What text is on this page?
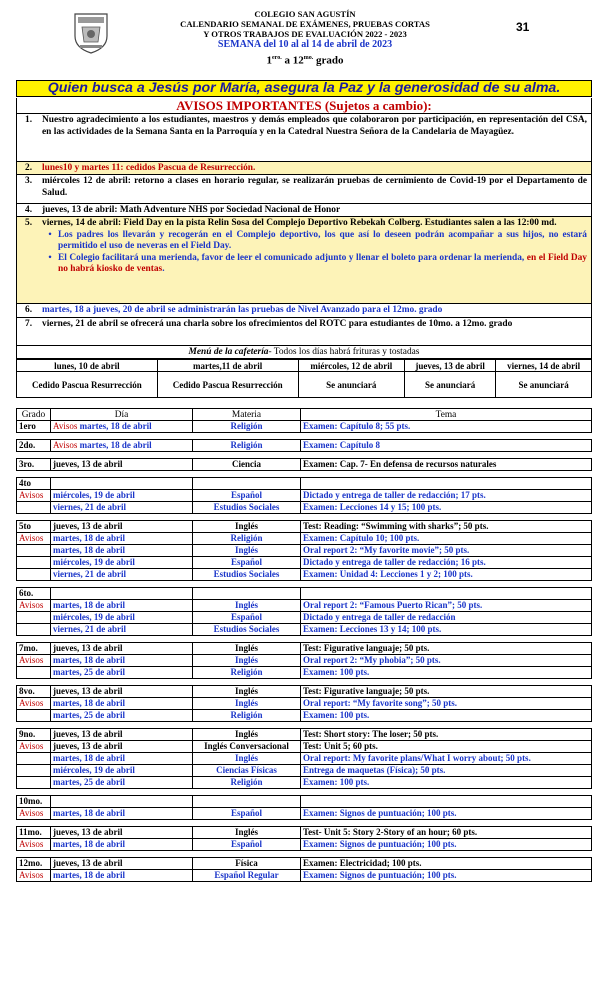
COLEGIO SAN AGUSTÍN
CALENDARIO SEMANAL DE EXÁMENES, PRUEBAS CORTAS
Y OTROS TRABAJOS DE EVALUACIÓN 2022 - 2023
SEMANA del 10 al al 14 de abril de 2023
$1^{ero.}$ a $12^{mo.}$ grado
31
Quien busca a Jesús por María, asegura la Paz y la generosidad de su alma.
AVISOS IMPORTANTES (Sujetos a cambio):
1. Nuestro agradecimiento a los estudiantes, maestros y demás empleados que colaboraron por participación, en representación del CSA, en las actividades de la Semana Santa en la Parroquía y en la Catedral Nuestra Señora de la Candelaria de Mayagüez.
2. lunes10 y martes 11: cedidos Pascua de Resurrección.
3. miércoles 12 de abril: retorno a clases en horario regular, se realizarán pruebas de cernimiento de Covid-19 por el Departamento de Salud.
4. jueves, 13 de abril: Math Adventure NHS por Sociedad Nacional de Honor
5. viernes, 14 de abril: Field Day en la pista Relin Sosa del Complejo Deportivo Rebekah Colberg. Estudiantes salen a las 12:00 md.
• Los padres los llevarán y recogerán en el Complejo deportivo, los que así lo deseen podrán acompañar a sus hijos, no estará permitido el uso de neveras en el Field Day.
• El Colegio facilitará una merienda, favor de leer el comunicado adjunto y llenar el boleto para ordenar la merienda, en el Field Day no habrá kiosko de ventas.
6. martes, 18 a jueves, 20 de abril se administrarán las pruebas de Nivel Avanzado para el 12mo. grado
7. viernes, 21 de abril se ofrecerá una charla sobre los ofrecimientos del ROTC para estudiantes de 10mo. a 12mo. grado
Menú de la cafetería- Todos los días habrá frituras y tostadas
lunes, 10 de abril	martes,11 de abril	miércoles, 12 de abril	jueves, 13 de abril	viernes, 14 de abril
Cedido Pascua Resurrección	Cedido Pascua Resurrección	Se anunciará	Se anunciará	Se anunciará
Grado	Día	Materia	Tema
1ero	Avisos martes, 18 de abril	Religión	Examen: Capítulo 8; 55 pts.

2do.	Avisos martes, 18 de abril	Religión	Examen: Capítulo 8

3ro.	jueves, 13 de abril	Ciencia	Examen: Cap. 7- En defensa de recursos naturales

4to			
Avisos	miércoles, 19 de abril	Español	Dictado y entrega de taller de redacción; 17 pts.
	viernes, 21 de abril	Estudios Sociales	Examen: Lecciones 14 y 15; 100 pts.

5to	jueves, 13 de abril	Inglés	Test: Reading: “Swimming with sharks”; 50 pts.
Avisos	martes, 18 de abril	Religión	Examen: Capítulo 10; 100 pts.
	martes, 18 de abril	Inglés	Oral report 2: “My favorite movie”; 50 pts.
	miércoles, 19 de abril	Español	Dictado y entrega de taller de redacción; 16 pts.
	viernes, 21 de abril	Estudios Sociales	Examen: Unidad 4: Lecciones 1 y 2; 100 pts.

6to.			
Avisos	martes, 18 de abril	Inglés	Oral report 2: “Famous Puerto Rican”; 50 pts.
	miércoles, 19 de abril	Español	Dictado y entrega de taller de redacción
	viernes, 21 de abril	Estudios Sociales	Examen: Lecciones 13 y 14; 100 pts.

7mo.	jueves, 13 de abril	Inglés	Test: Figurative languaje; 50 pts.
Avisos	martes, 18 de abril	Inglés	Oral report 2: “My phobia”; 50 pts.
	martes, 25 de abril	Religión	Examen: 100 pts.

8vo.	jueves, 13 de abril	Inglés	Test: Figurative languaje; 50 pts.
Avisos	martes, 18 de abril	Inglés	Oral report: “My favorite song”; 50 pts.
	martes, 25 de abril	Religión	Examen: 100 pts.

9no.	jueves, 13 de abril	Inglés	Test: Short story: The loser; 50 pts.
Avisos	jueves, 13 de abril	Inglés Conversacional	Test: Unit 5; 60 pts.
	martes, 18 de abril	Inglés	Oral report: My favorite plans/What I worry about; 50 pts.
	miércoles, 19 de abril	Ciencias Físicas	Entrega de maquetas (Física); 50 pts.
	martes, 25 de abril	Religión	Examen: 100 pts.

10mo.			
Avisos	martes, 18 de abril	Español	Examen: Signos de puntuación; 100 pts.

11mo.	jueves, 13 de abril	Inglés	Test- Unit 5: Story 2-Story of an hour; 60 pts.
Avisos	martes, 18 de abril	Español	Examen: Signos de puntuación; 100 pts.

12mo.	jueves, 13 de abril	Física	Examen: Electricidad; 100 pts.
Avisos	martes, 18 de abril	Español Regular	Examen: Signos de puntuación; 100 pts.
